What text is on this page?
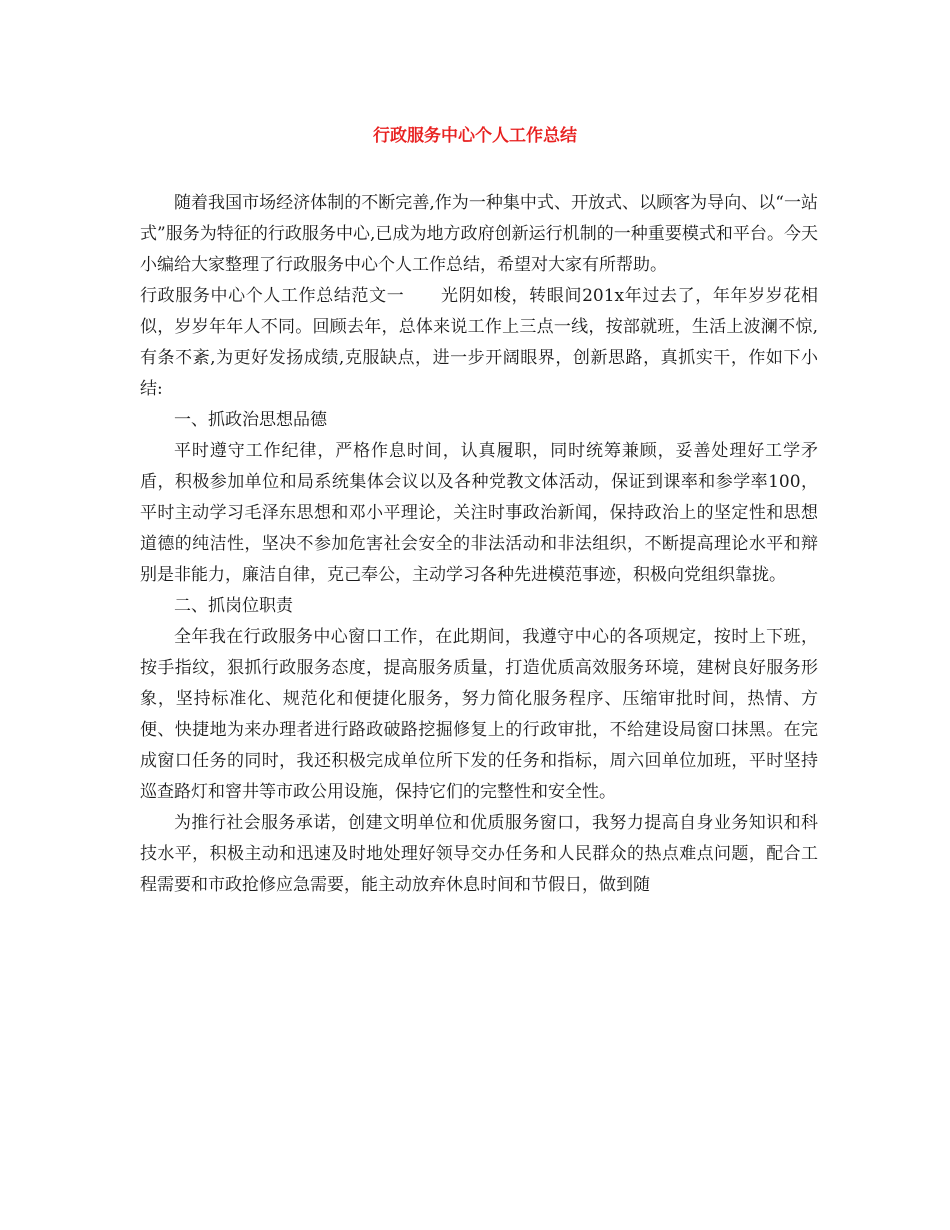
行政服务中心个人工作总结

随着我国市场经济体制的不断完善,作为一种集中式、开放式、以顾客为导向、以“一站式”服务为特征的行政服务中心,已成为地方政府创新运行机制的一种重要模式和平台。今天小编给大家整理了行政服务中心个人工作总结，希望对大家有所帮助。

行政服务中心个人工作总结范文一 光阴如梭，转眼间201x年过去了，年年岁岁花相似，岁岁年年人不同。回顾去年，总体来说工作上三点一线，按部就班，生活上波澜不惊,有条不紊,为更好发扬成绩,克服缺点，进一步开阔眼界，创新思路，真抓实干，作如下小结:

一、抓政治思想品德

平时遵守工作纪律，严格作息时间，认真履职，同时统筹兼顾，妥善处理好工学矛盾，积极参加单位和局系统集体会议以及各种党教文体活动，保证到课率和参学率100，平时主动学习毛泽东思想和邓小平理论，关注时事政治新闻，保持政治上的坚定性和思想道德的纯洁性，坚决不参加危害社会安全的非法活动和非法组织，不断提高理论水平和辩别是非能力，廉洁自律，克己奉公，主动学习各种先进模范事迹，积极向党组织靠拢。

二、抓岗位职责

全年我在行政服务中心窗口工作，在此期间，我遵守中心的各项规定，按时上下班，按手指纹，狠抓行政服务态度，提高服务质量，打造优质高效服务环境，建树良好服务形象，坚持标准化、规范化和便捷化服务，努力简化服务程序、压缩审批时间，热情、方便、快捷地为来办理者进行路政破路挖掘修复上的行政审批，不给建设局窗口抹黑。在完成窗口任务的同时，我还积极完成单位所下发的任务和指标，周六回单位加班，平时坚持巡查路灯和窨井等市政公用设施，保持它们的完整性和安全性。

为推行社会服务承诺，创建文明单位和优质服务窗口，我努力提高自身业务知识和科技水平，积极主动和迅速及时地处理好领导交办任务和人民群众的热点难点问题，配合工程需要和市政抢修应急需要，能主动放弃休息时间和节假日，做到随
